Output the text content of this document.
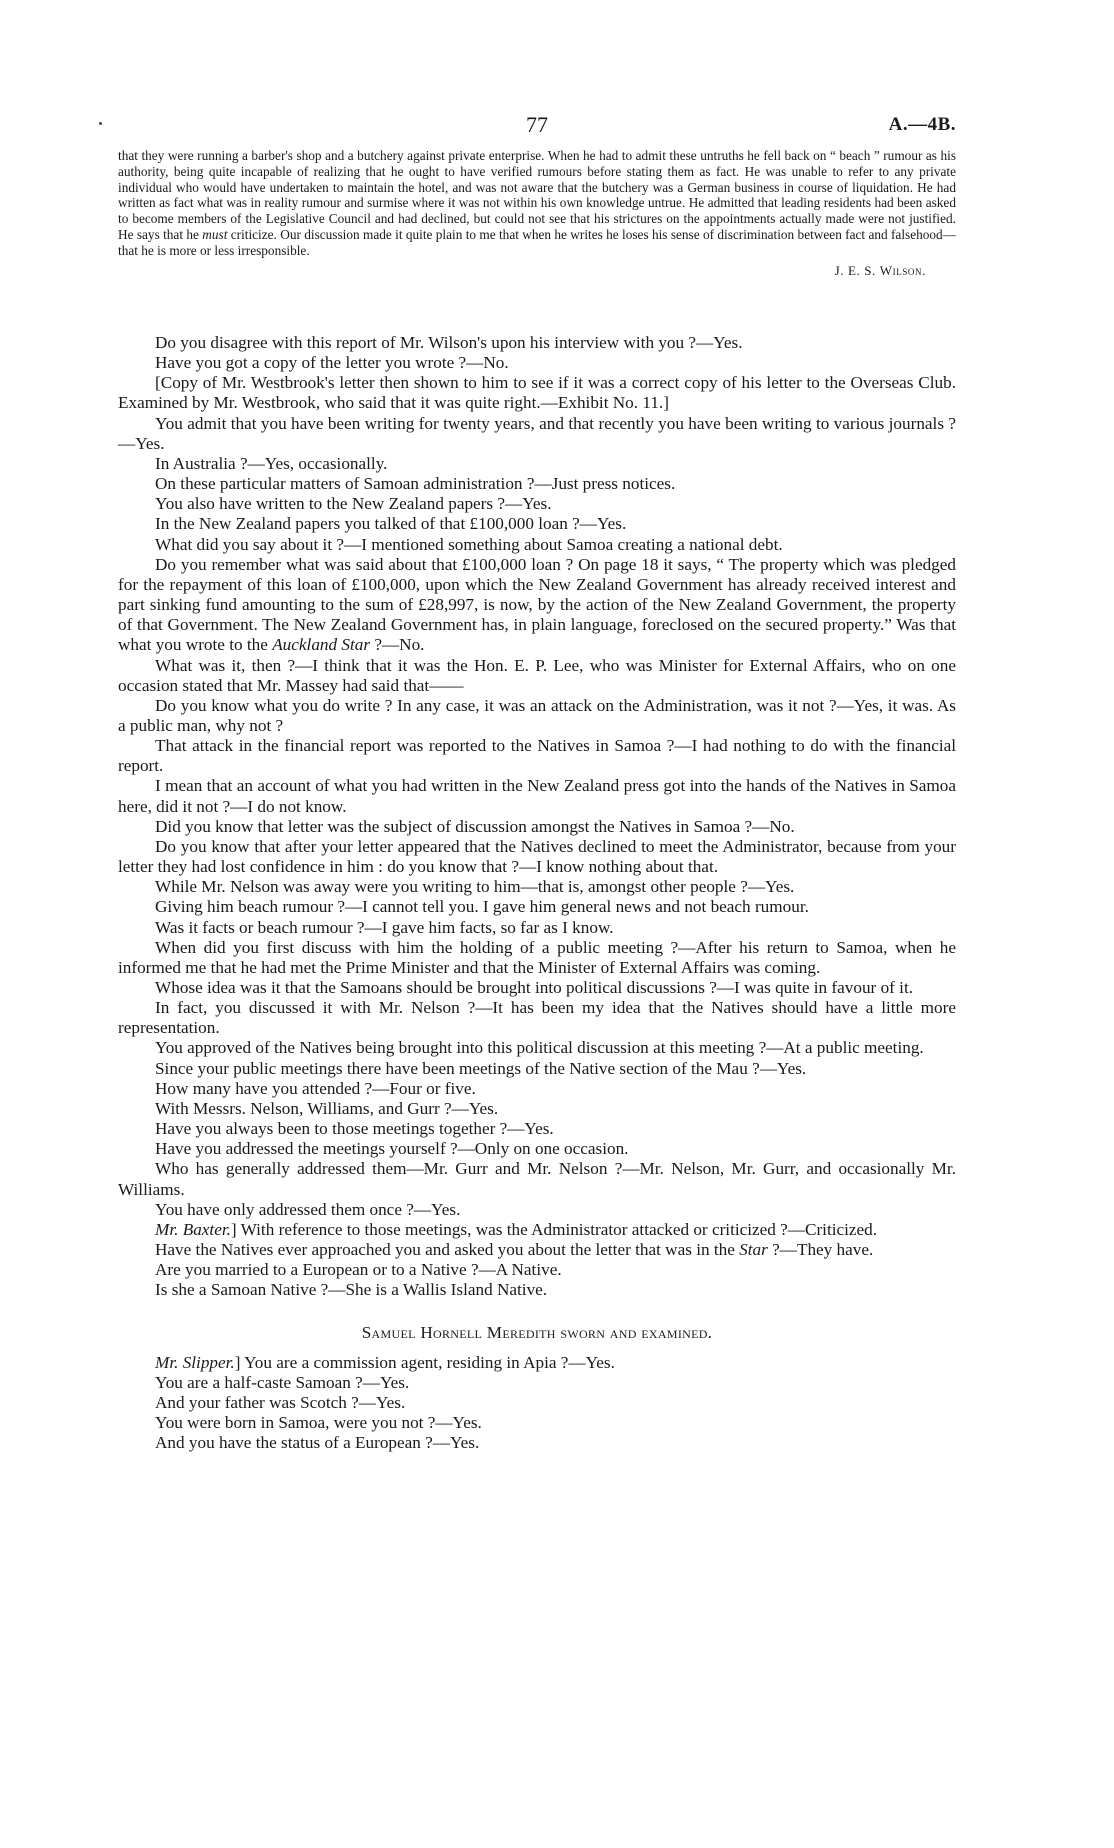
77	A.—4B.

that they were running a barber's shop and a butchery against private enterprise. When he had to admit these untruths he fell back on “ beach ” rumour as his authority, being quite incapable of realizing that he ought to have verified rumours before stating them as fact. He was unable to refer to any private individual who would have undertaken to maintain the hotel, and was not aware that the butchery was a German business in course of liquidation. He had written as fact what was in reality rumour and surmise where it was not within his own knowledge untrue. He admitted that leading residents had been asked to become members of the Legislative Council and had declined, but could not see that his strictures on the appointments actually made were not justified. He says that he must criticize. Our discussion made it quite plain to me that when he writes he loses his sense of discrimination between fact and falsehood—that he is more or less irresponsible.

J. E. S. Wilson.

Do you disagree with this report of Mr. Wilson's upon his interview with you ?—Yes.

Have you got a copy of the letter you wrote ?—No.

[Copy of Mr. Westbrook's letter then shown to him to see if it was a correct copy of his letter to the Overseas Club. Examined by Mr. Westbrook, who said that it was quite right.—Exhibit No. 11.]

You admit that you have been writing for twenty years, and that recently you have been writing to various journals ?—Yes.

In Australia ?—Yes, occasionally.

On these particular matters of Samoan administration ?—Just press notices.

You also have written to the New Zealand papers ?—Yes.

In the New Zealand papers you talked of that £100,000 loan ?—Yes.

What did you say about it ?—I mentioned something about Samoa creating a national debt.

Do you remember what was said about that £100,000 loan ? On page 18 it says, “ The property which was pledged for the repayment of this loan of £100,000, upon which the New Zealand Government has already received interest and part sinking fund amounting to the sum of £28,997, is now, by the action of the New Zealand Government, the property of that Government. The New Zealand Government has, in plain language, foreclosed on the secured property.” Was that what you wrote to the Auckland Star ?—No.

What was it, then ?—I think that it was the Hon. E. P. Lee, who was Minister for External Affairs, who on one occasion stated that Mr. Massey had said that——

Do you know what you do write ? In any case, it was an attack on the Administration, was it not ?—Yes, it was. As a public man, why not ?

That attack in the financial report was reported to the Natives in Samoa ?—I had nothing to do with the financial report.

I mean that an account of what you had written in the New Zealand press got into the hands of the Natives in Samoa here, did it not ?—I do not know.

Did you know that letter was the subject of discussion amongst the Natives in Samoa ?—No.

Do you know that after your letter appeared that the Natives declined to meet the Administrator, because from your letter they had lost confidence in him : do you know that ?—I know nothing about that.

While Mr. Nelson was away were you writing to him—that is, amongst other people ?—Yes.

Giving him beach rumour ?—I cannot tell you. I gave him general news and not beach rumour.

Was it facts or beach rumour ?—I gave him facts, so far as I know.

When did you first discuss with him the holding of a public meeting ?—After his return to Samoa, when he informed me that he had met the Prime Minister and that the Minister of External Affairs was coming.

Whose idea was it that the Samoans should be brought into political discussions ?—I was quite in favour of it.

In fact, you discussed it with Mr. Nelson ?—It has been my idea that the Natives should have a little more representation.

You approved of the Natives being brought into this political discussion at this meeting ?—At a public meeting.

Since your public meetings there have been meetings of the Native section of the Mau ?—Yes.

How many have you attended ?—Four or five.

With Messrs. Nelson, Williams, and Gurr ?—Yes.

Have you always been to those meetings together ?—Yes.

Have you addressed the meetings yourself ?—Only on one occasion.

Who has generally addressed them—Mr. Gurr and Mr. Nelson ?—Mr. Nelson, Mr. Gurr, and occasionally Mr. Williams.

You have only addressed them once ?—Yes.

Mr. Baxter.] With reference to those meetings, was the Administrator attacked or criticized ?—Criticized.

Have the Natives ever approached you and asked you about the letter that was in the Star ?—They have.

Are you married to a European or to a Native ?—A Native.

Is she a Samoan Native ?—She is a Wallis Island Native.

Samuel Hornell Meredith sworn and examined.

Mr. Slipper.] You are a commission agent, residing in Apia ?—Yes.

You are a half-caste Samoan ?—Yes.

And your father was Scotch ?—Yes.

You were born in Samoa, were you not ?—Yes.

And you have the status of a European ?—Yes.
